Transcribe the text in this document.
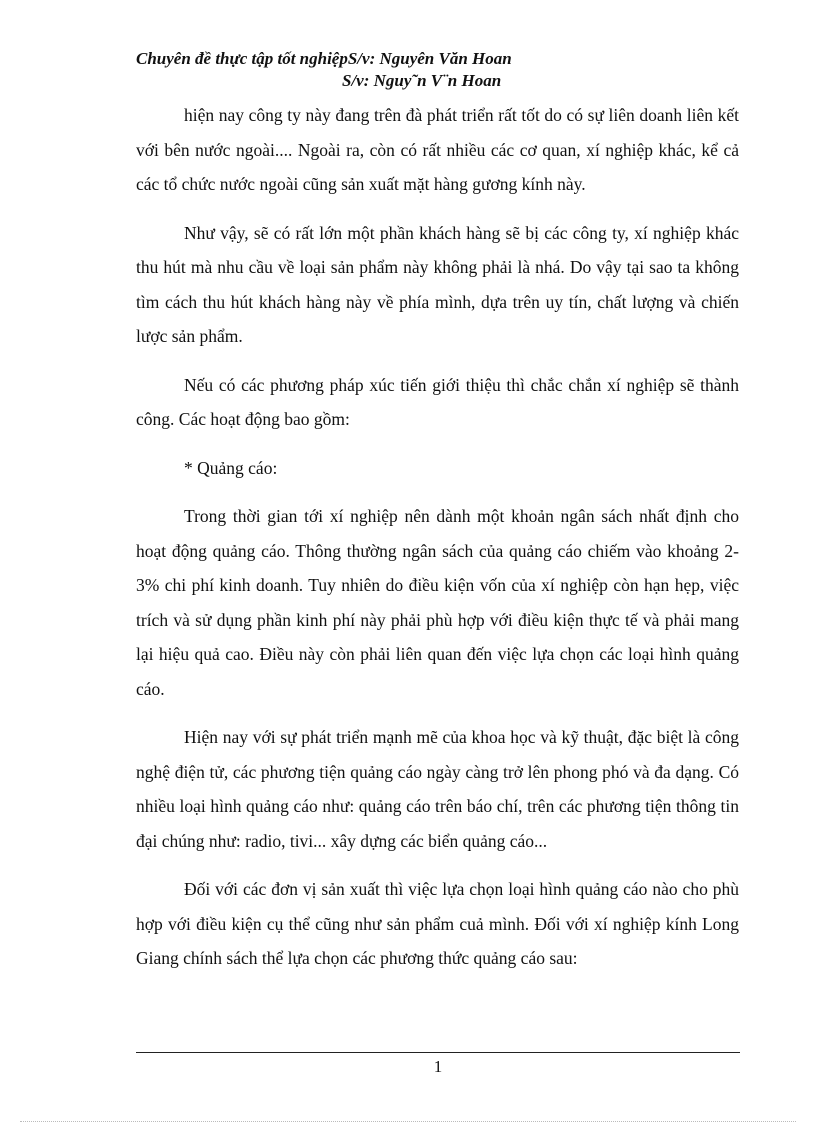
Chuyên đề thực tập tốt nghiệpS/v: Nguyên Văn Hoan
S/v: Nguy˜n V¨n Hoan

hiện nay công ty này đang trên đà phát triển rất tốt do có sự liên doanh liên kết với bên nước ngoài.... Ngoài ra, còn có rất nhiều các cơ quan, xí nghiệp khác, kể cả các tổ chức nước ngoài cũng sản xuất mặt hàng gương kính này.

Như vậy, sẽ có rất lớn một phần khách hàng sẽ bị các công ty, xí nghiệp khác thu hút mà nhu cầu về loại sản phẩm này không phải là nhá. Do vậy tại sao ta không tìm cách thu hút khách hàng này về phía mình, dựa trên uy tín, chất lượng và chiến lược sản phẩm.

Nếu có các phương pháp xúc tiến giới thiệu thì chắc chắn xí nghiệp sẽ thành công. Các hoạt động bao gồm:

* Quảng cáo:

Trong thời gian tới xí nghiệp nên dành một khoản ngân sách nhất định cho hoạt động quảng cáo. Thông thường ngân sách của quảng cáo chiếm vào khoảng 2-3% chi phí kinh doanh. Tuy nhiên do điều kiện vốn của xí nghiệp còn hạn hẹp, việc trích và sử dụng phần kinh phí này phải phù hợp với điều kiện thực tế và phải mang lại hiệu quả cao. Điều này còn phải liên quan đến việc lựa chọn các loại hình quảng cáo.

Hiện nay với sự phát triển mạnh mẽ của khoa học và kỹ thuật, đặc biệt là công nghệ điện tử, các phương tiện quảng cáo ngày càng trở lên phong phó và đa dạng. Có nhiều loại hình quảng cáo như: quảng cáo trên báo chí, trên các phương tiện thông tin đại chúng như: radio, tivi... xây dựng các biển quảng cáo...

Đối với các đơn vị sản xuất thì việc lựa chọn loại hình quảng cáo nào cho phù hợp với điều kiện cụ thể cũng như sản phẩm cuả mình. Đối với xí nghiệp kính Long Giang chính sách thể lựa chọn các phương thức quảng cáo sau:

1
